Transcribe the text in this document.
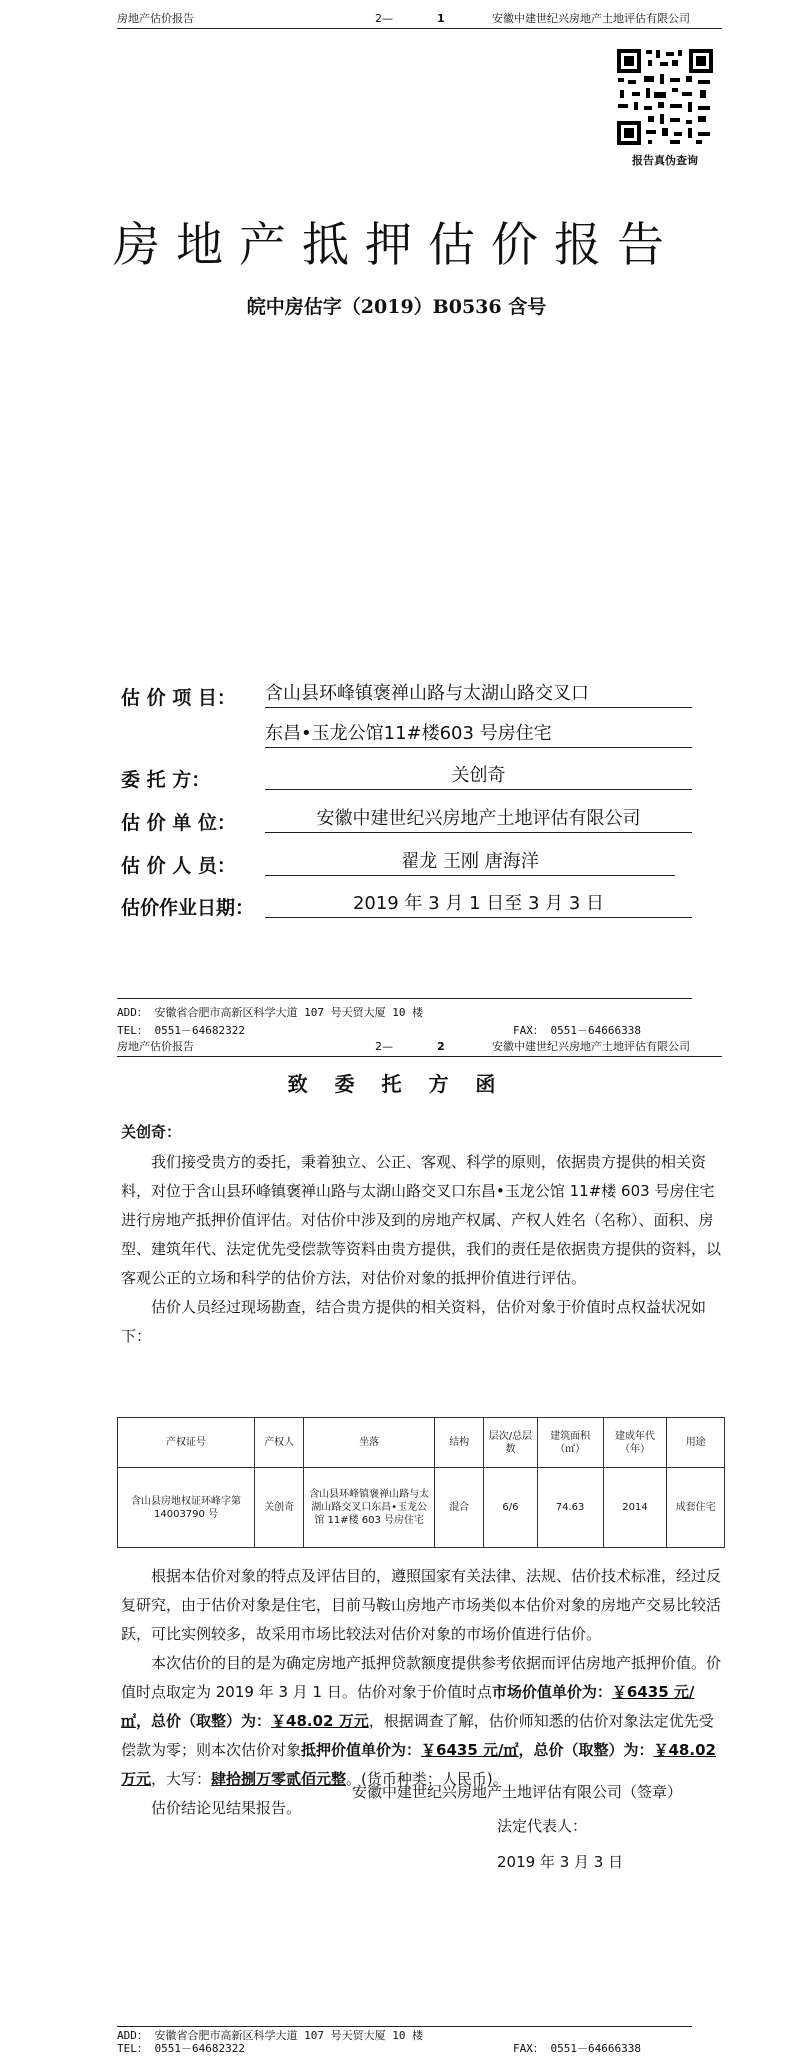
房地产估价报告	2—	1	安徽中建世纪兴房地产土地评估有限公司
报告真伪查询
房地产抵押估价报告
皖中房估字（2019）B0536 含号
估 价 项 目： 含山县环峰镇褒禅山路与太湖山路交叉口
东昌•玉龙公馆11#楼603 号房住宅
委 托 方：	关创奇
估 价 单 位：	安徽中建世纪兴房地产土地评估有限公司
估 价 人 员：	翟龙 王刚 唐海洋
估价作业日期：	2019 年 3 月 1 日至 3 月 3 日
ADD： 安徽省合肥市高新区科学大道 107 号天贸大厦 10 楼
TEL： 0551－64682322	FAX： 0551－64666338
房地产估价报告	2—	2	安徽中建世纪兴房地产土地评估有限公司
致 委 托 方 函
关创奇：

我们接受贵方的委托，秉着独立、公正、客观、科学的原则，依据贵方提供的相关资料，对位于含山县环峰镇褒禅山路与太湖山路交叉口东昌•玉龙公馆 11#楼 603 号房住宅进行房地产抵押价值评估。对估价中涉及到的房地产权属、产权人姓名（名称）、面积、房型、建筑年代、法定优先受偿款等资料由贵方提供，我们的责任是依据贵方提供的资料，以客观公正的立场和科学的估价方法，对估价对象的抵押价值进行评估。

估价人员经过现场勘查，结合贵方提供的相关资料，估价对象于价值时点权益状况如下：

产权证号	产权人	坐落	结构	层次/总层数	建筑面积（㎡）	建成年代（年）	用途
含山县房地权证环峰字第 14003790 号	关创奇	含山县环峰镇褒禅山路与太湖山路交叉口东昌•玉龙公馆 11#楼 603 号房住宅	混合	6/6	74.63	2014	成套住宅

根据本估价对象的特点及评估目的，遵照国家有关法律、法规、估价技术标准，经过反复研究，由于估价对象是住宅，目前马鞍山房地产市场类似本估价对象的房地产交易比较活跃，可比实例较多，故采用市场比较法对估价对象的市场价值进行估价。

本次估价的目的是为确定房地产抵押贷款额度提供参考依据而评估房地产抵押价值。价值时点取定为 2019 年 3 月 1 日。估价对象于价值时点市场价值单价为：￥6435 元/㎡，总价（取整）为：￥48.02 万元，根据调查了解，估价师知悉的估价对象法定优先受偿款为零；则本次估价对象抵押价值单价为：￥6435 元/㎡，总价（取整）为：￥48.02 万元，大写：肆拾捌万零贰佰元整。(货币种类：人民币)。

估价结论见结果报告。

安徽中建世纪兴房地产土地评估有限公司（签章）
法定代表人：
2019 年 3 月 3 日
ADD： 安徽省合肥市高新区科学大道 107 号天贸大厦 10 楼
TEL： 0551－64682322	FAX： 0551－64666338
